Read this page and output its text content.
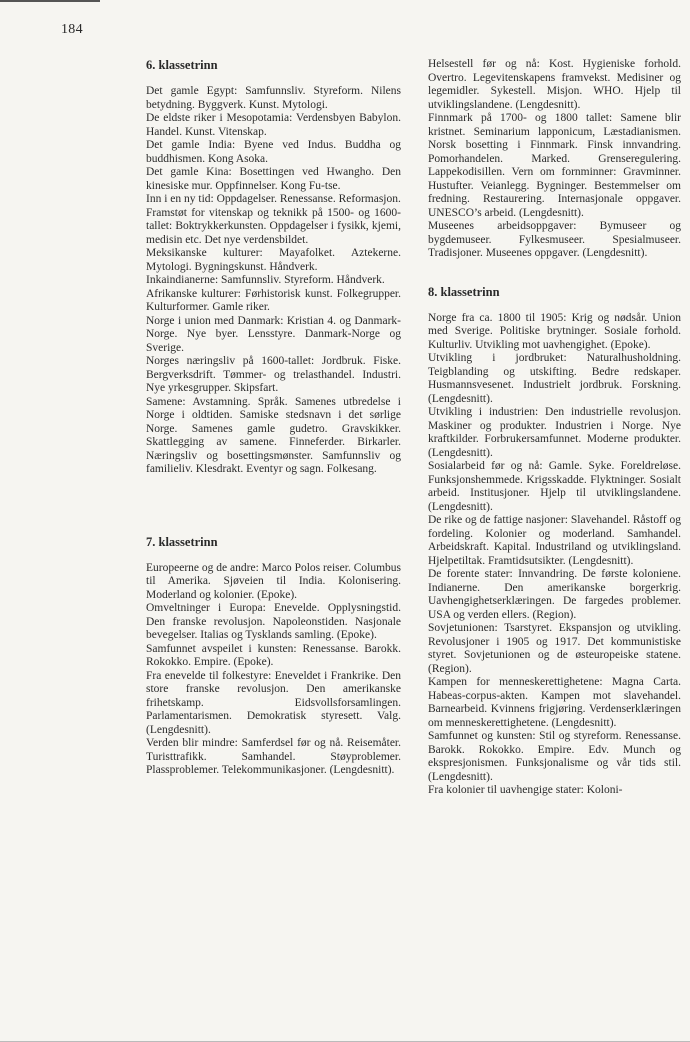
184
6. klassetrinn

Det gamle Egypt: Samfunnsliv. Styreform. Nilens betydning. Byggverk. Kunst. Mytologi.

De eldste riker i Mesopotamia: Verdensbyen Babylon. Handel. Kunst. Vitenskap.

Det gamle India: Byene ved Indus. Buddha og buddhismen. Kong Asoka.

Det gamle Kina: Bosettingen ved Hwangho. Den kinesiske mur. Oppfinnelser. Kong Fu-tse.

Inn i en ny tid: Oppdagelser. Renessanse. Reformasjon.

Framstøt for vitenskap og teknikk på 1500- og 1600-tallet: Boktrykkerkunsten. Oppdagelser i fysikk, kjemi, medisin etc. Det nye verdensbildet.

Meksikanske kulturer: Mayafolket. Aztekerne. Mytologi. Bygningskunst. Håndverk.

Inkaindianerne: Samfunnsliv. Styreform. Håndverk.

Afrikanske kulturer: Førhistorisk kunst. Folkegrupper. Kulturformer. Gamle riker.

Norge i union med Danmark: Kristian 4. og Danmark-Norge. Nye byer. Lensstyre. Danmark-Norge og Sverige.

Norges næringsliv på 1600-tallet: Jordbruk. Fiske. Bergverksdrift. Tømmer- og trelasthandel. Industri. Nye yrkesgrupper. Skipsfart.

Samene: Avstamning. Språk. Samenes utbredelse i Norge i oldtiden. Samiske stedsnavn i det sørlige Norge. Samenes gamle gudetro. Gravskikker. Skattlegging av samene. Finneferder. Birkarler. Næringsliv og bosettingsmønster. Samfunnsliv og familieliv. Klesdrakt. Eventyr og sagn. Folkesang.

7. klassetrinn

Europeerne og de andre: Marco Polos reiser. Columbus til Amerika. Sjøveien til India. Kolonisering. Moderland og kolonier. (Epoke).

Omveltninger i Europa: Enevelde. Opplysningstid. Den franske revolusjon. Napoleonstiden. Nasjonale bevegelser. Italias og Tysklands samling. (Epoke).

Samfunnet avspeilet i kunsten: Renessanse. Barokk. Rokokko. Empire. (Epoke).

Fra enevelde til folkestyre: Eneveldet i Frankrike. Den store franske revolusjon. Den amerikanske frihetskamp. Eidsvollsforsamlingen. Parlamentarismen. Demokratisk styresett. Valg. (Lengdesnitt).

Verden blir mindre: Samferdsel før og nå. Reisemåter. Turisttrafikk. Samhandel. Støyproblemer. Plassproblemer. Telekommunikasjoner. (Lengdesnitt).

Helsestell før og nå: Kost. Hygieniske forhold. Overtro. Legevitenskapens framvekst. Medisiner og legemidler. Sykestell. Misjon. WHO. Hjelp til utviklingslandene. (Lengdesnitt).

Finnmark på 1700- og 1800 tallet: Samene blir kristnet. Seminarium lapponicum, Læstadianismen. Norsk bosetting i Finnmark. Finsk innvandring. Pomorhandelen. Marked. Grenseregulering. Lappekodisillen. Vern om fornminner: Gravminner. Hustufter. Veianlegg. Bygninger. Bestemmelser om fredning. Restaurering. Internasjonale oppgaver. UNESCO’s arbeid. (Lengdesnitt).

Museenes arbeidsoppgaver: Bymuseer og bygdemuseer. Fylkesmuseer. Spesialmuseer. Tradisjoner. Museenes oppgaver. (Lengdesnitt).

8. klassetrinn

Norge fra ca. 1800 til 1905: Krig og nødsår. Union med Sverige. Politiske brytninger. Sosiale forhold. Kulturliv. Utvikling mot uavhengighet. (Epoke).

Utvikling i jordbruket: Naturalhusholdning. Teigblanding og utskifting. Bedre redskaper. Husmannsvesenet. Industrielt jordbruk. Forskning. (Lengdesnitt).

Utvikling i industrien: Den industrielle revolusjon. Maskiner og produkter. Industrien i Norge. Nye kraftkilder. Forbrukersamfunnet. Moderne produkter. (Lengdesnitt).

Sosialarbeid før og nå: Gamle. Syke. Foreldreløse. Funksjonshemmede. Krigsskadde. Flyktninger. Sosialt arbeid. Institusjoner. Hjelp til utviklingslandene. (Lengdesnitt).

De rike og de fattige nasjoner: Slavehandel. Råstoff og fordeling. Kolonier og moderland. Samhandel. Arbeidskraft. Kapital. Industriland og utviklingsland. Hjelpetiltak. Framtidsutsikter. (Lengdesnitt).

De forente stater: Innvandring. De første koloniene. Indianerne. Den amerikanske borgerkrig. Uavhengighetserklæringen. De fargedes problemer. USA og verden ellers. (Region).

Sovjetunionen: Tsarstyret. Ekspansjon og utvikling. Revolusjoner i 1905 og 1917. Det kommunistiske styret. Sovjetunionen og de østeuropeiske statene. (Region).

Kampen for menneskerettighetene: Magna Carta. Habeas-corpus-akten. Kampen mot slavehandel. Barnearbeid. Kvinnens frigjøring. Verdenserklæringen om menneskerettighetene. (Lengdesnitt).

Samfunnet og kunsten: Stil og styreform. Renessanse. Barokk. Rokokko. Empire. Edv. Munch og ekspresjonismen. Funksjonalisme og vår tids stil. (Lengdesnitt).

Fra kolonier til uavhengige stater: Koloni-
